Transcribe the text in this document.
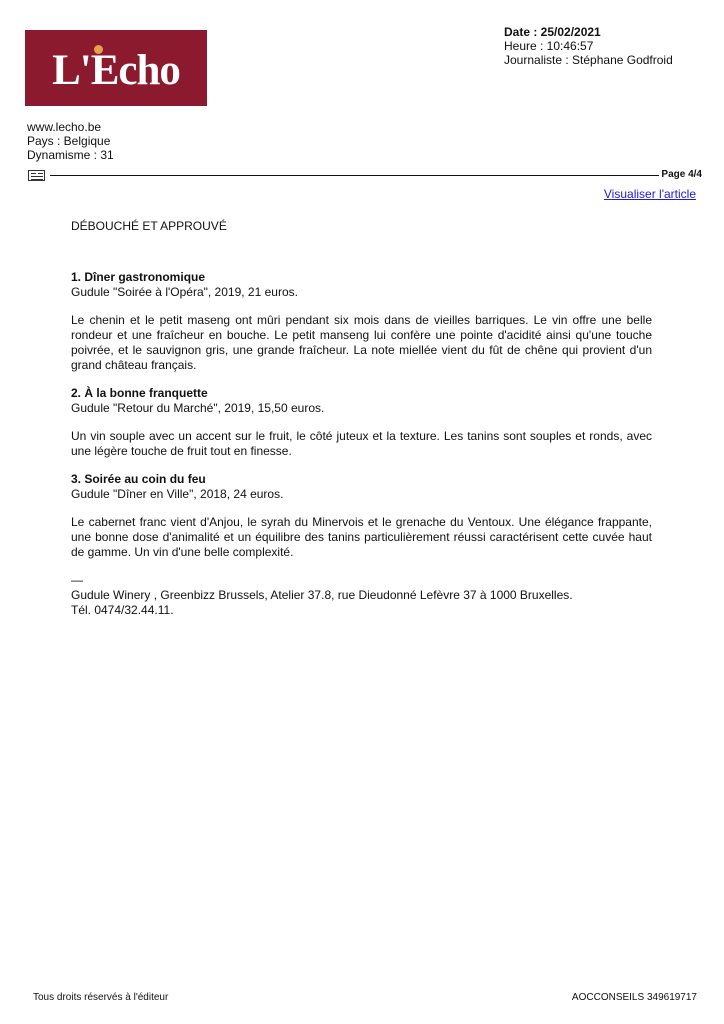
L'Echo
Date : 25/02/2021
Heure : 10:46:57
Journaliste : Stéphane Godfroid
www.lecho.be
Pays : Belgique
Dynamisme : 31
Page 4/4
Visualiser l'article

DÉBOUCHÉ ET APPROUVÉ

1. Dîner gastronomique

Gudule "Soirée à l'Opéra", 2019, 21 euros.

Le chenin et le petit maseng ont mûri pendant six mois dans de vieilles barriques. Le vin offre une belle rondeur et une fraîcheur en bouche. Le petit manseng lui confère une pointe d'acidité ainsi qu'une touche poivrée, et le sauvignon gris, une grande fraîcheur. La note miellée vient du fût de chêne qui provient d'un grand château français.

2. À la bonne franquette

Gudule "Retour du Marché", 2019, 15,50 euros.

Un vin souple avec un accent sur le fruit, le côté juteux et la texture. Les tanins sont souples et ronds, avec une légère touche de fruit tout en finesse.

3. Soirée au coin du feu

Gudule "Dîner en Ville", 2018, 24 euros.

Le cabernet franc vient d'Anjou, le syrah du Minervois et le grenache du Ventoux. Une élégance frappante, une bonne dose d'animalité et un équilibre des tanins particulièrement réussi caractérisent cette cuvée haut de gamme. Un vin d'une belle complexité.

—

Gudule Winery , Greenbizz Brussels, Atelier 37.8, rue Dieudonné Lefèvre 37 à 1000 Bruxelles.

Tél. 0474/32.44.11.

Tous droits réservés à l'éditeur	AOCCONSEILS 349619717
